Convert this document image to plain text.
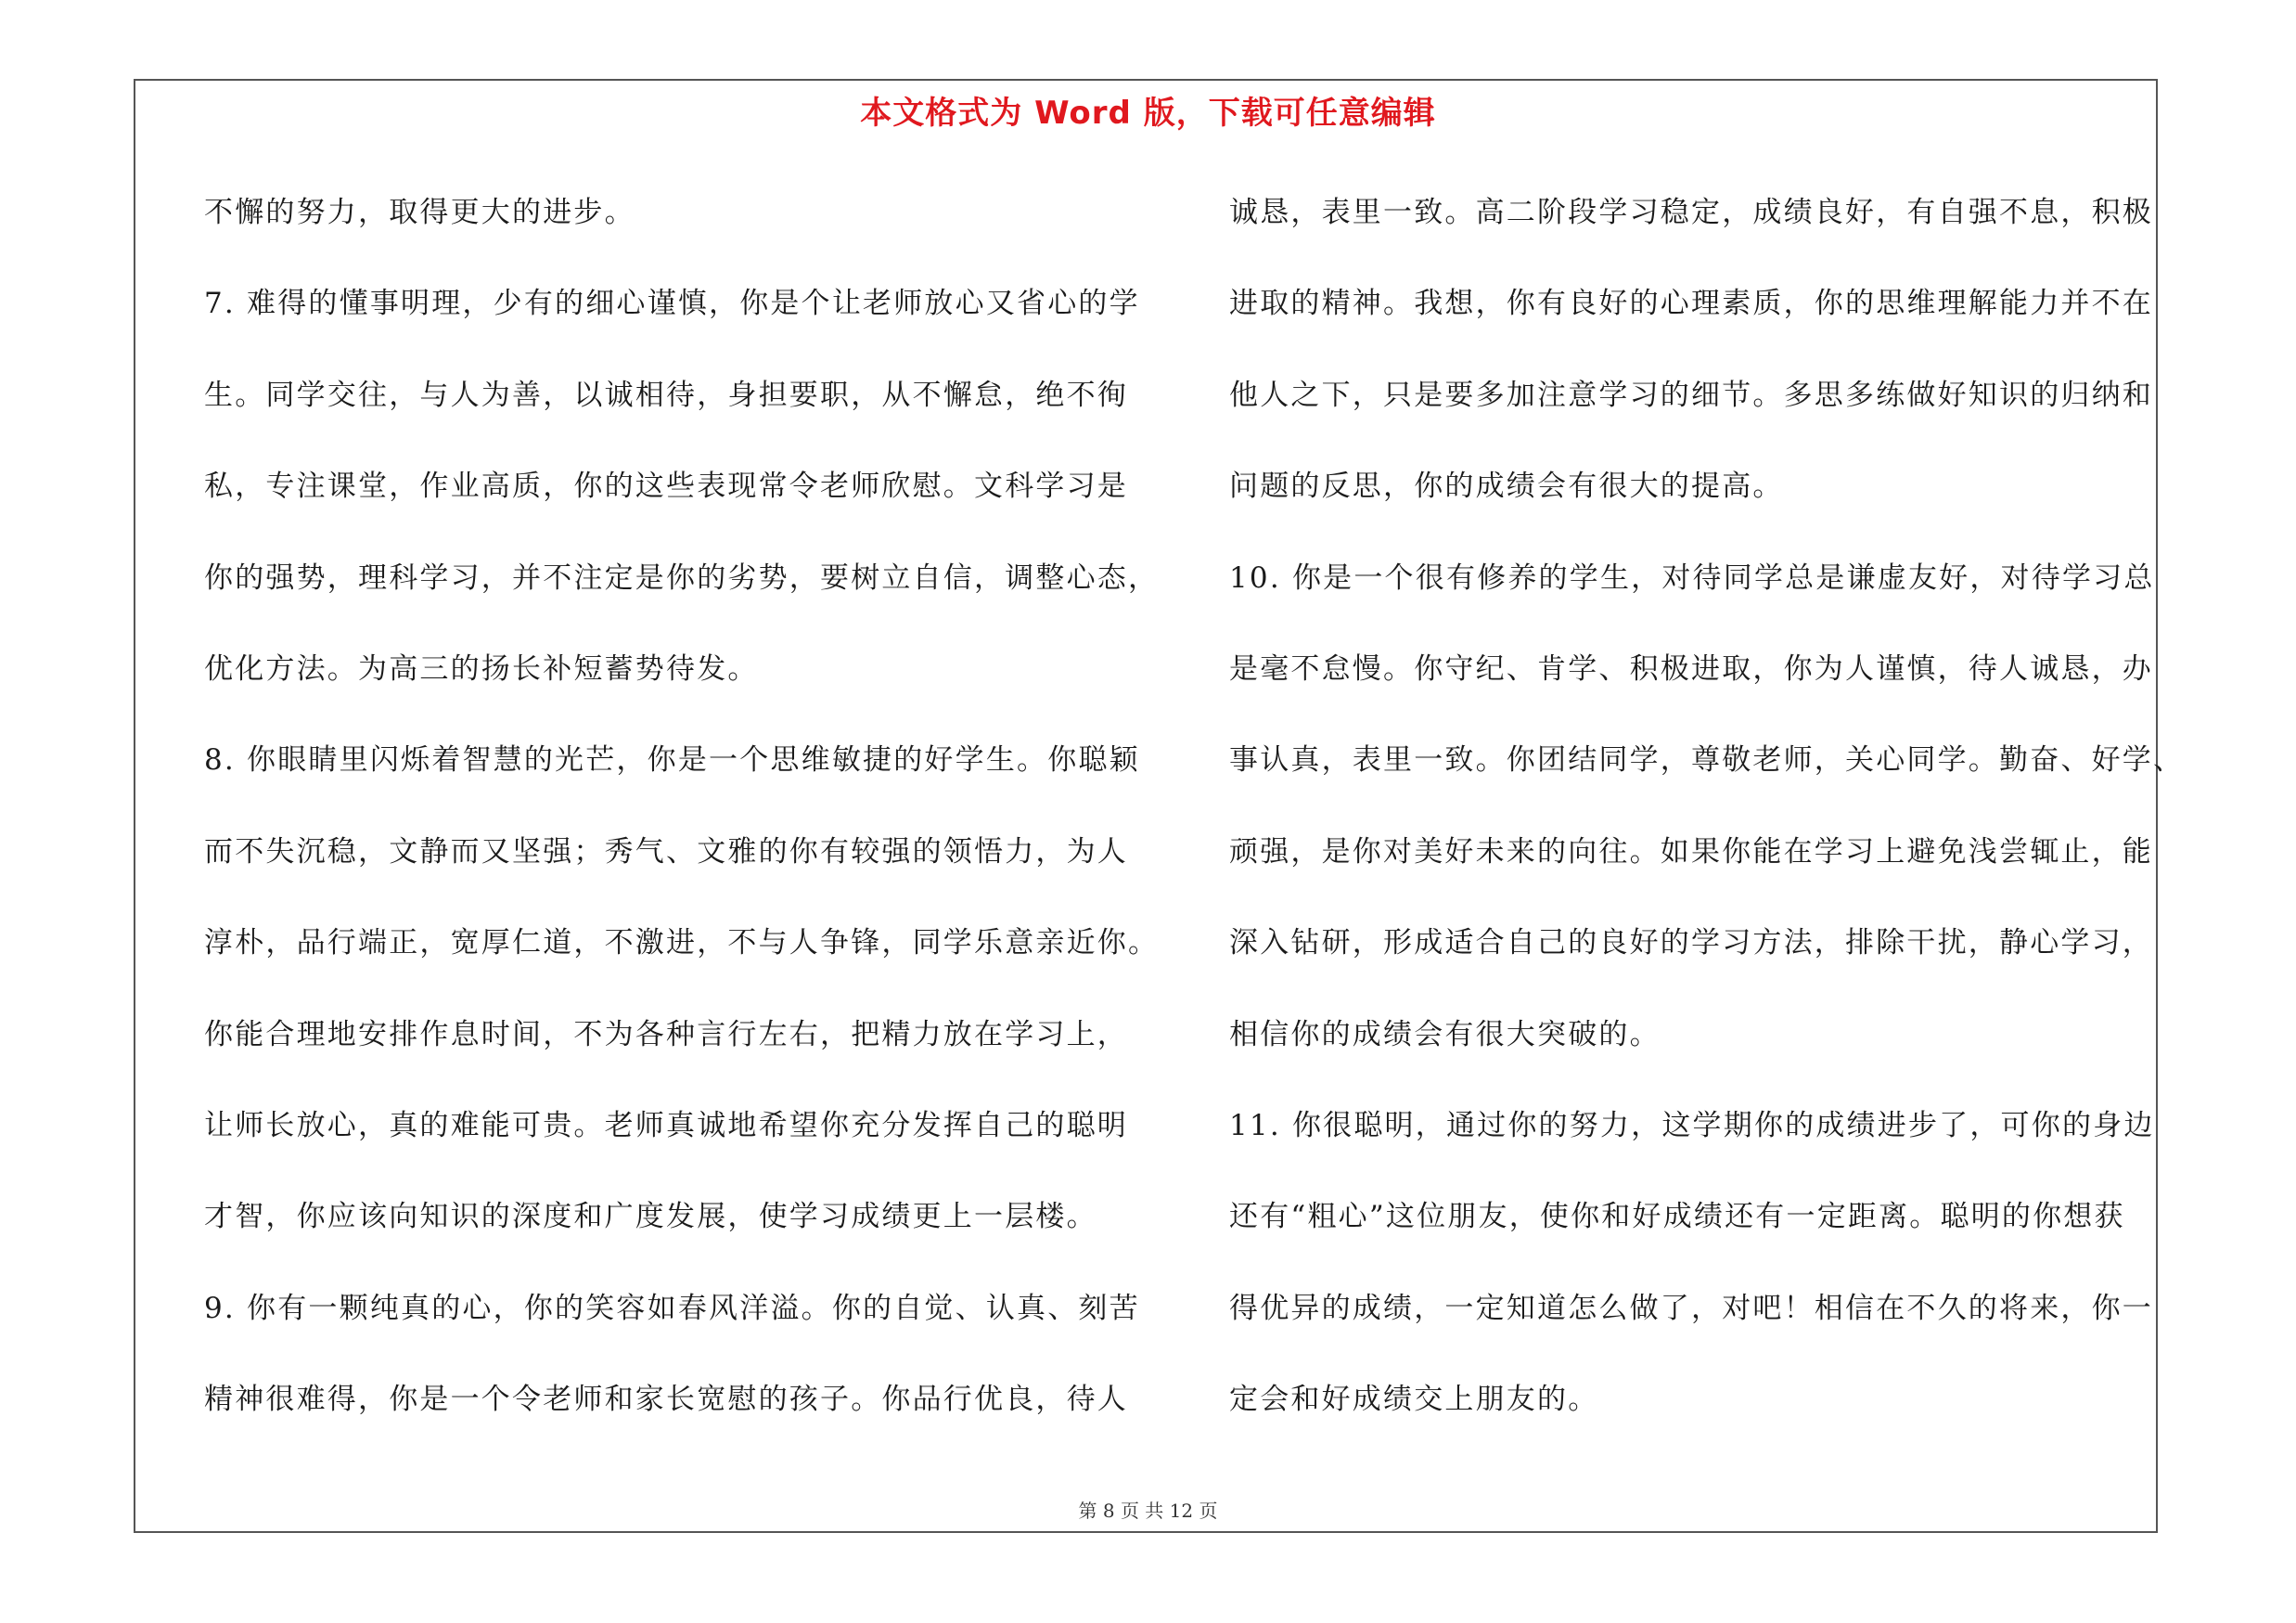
本文格式为 Word 版，下载可任意编辑
不懈的努力，取得更大的进步。
7. 难得的懂事明理，少有的细心谨慎，你是个让老师放心又省心的学
生。同学交往，与人为善，以诚相待，身担要职，从不懈怠，绝不徇
私，专注课堂，作业高质，你的这些表现常令老师欣慰。文科学习是
你的强势，理科学习，并不注定是你的劣势，要树立自信，调整心态，
优化方法。为高三的扬长补短蓄势待发。
8. 你眼睛里闪烁着智慧的光芒，你是一个思维敏捷的好学生。你聪颖
而不失沉稳，文静而又坚强；秀气、文雅的你有较强的领悟力，为人
淳朴，品行端正，宽厚仁道，不激进，不与人争锋，同学乐意亲近你。
你能合理地安排作息时间，不为各种言行左右，把精力放在学习上，
让师长放心，真的难能可贵。老师真诚地希望你充分发挥自己的聪明
才智，你应该向知识的深度和广度发展，使学习成绩更上一层楼。
9. 你有一颗纯真的心，你的笑容如春风洋溢。你的自觉、认真、刻苦
精神很难得，你是一个令老师和家长宽慰的孩子。你品行优良，待人
诚恳，表里一致。高二阶段学习稳定，成绩良好，有自强不息，积极
进取的精神。我想，你有良好的心理素质，你的思维理解能力并不在
他人之下，只是要多加注意学习的细节。多思多练做好知识的归纳和
问题的反思，你的成绩会有很大的提高。
10. 你是一个很有修养的学生，对待同学总是谦虚友好，对待学习总
是毫不怠慢。你守纪、肯学、积极进取，你为人谨慎，待人诚恳，办
事认真，表里一致。你团结同学，尊敬老师，关心同学。勤奋、好学、
顽强，是你对美好未来的向往。如果你能在学习上避免浅尝辄止，能
深入钻研，形成适合自己的良好的学习方法，排除干扰，静心学习，
相信你的成绩会有很大突破的。
11. 你很聪明，通过你的努力，这学期你的成绩进步了，可你的身边
还有“粗心”这位朋友，使你和好成绩还有一定距离。聪明的你想获
得优异的成绩，一定知道怎么做了，对吧！相信在不久的将来，你一
定会和好成绩交上朋友的。
第 8 页 共 12 页
